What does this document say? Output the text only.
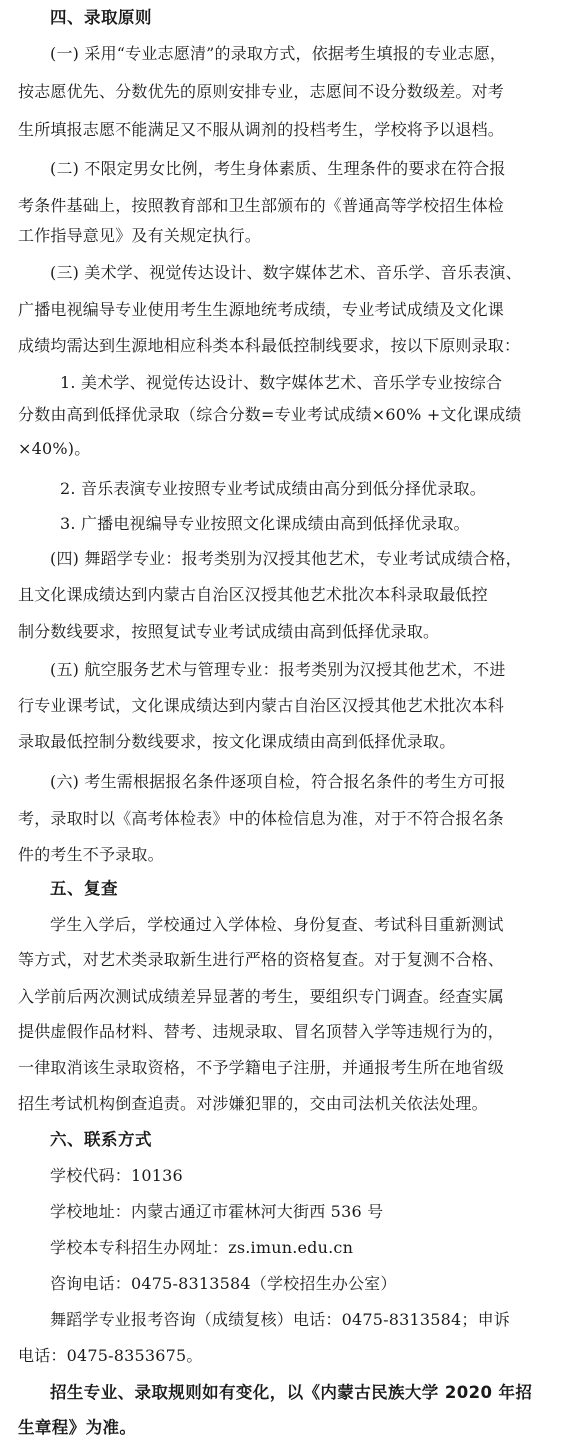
四、录取原则
(一) 采用“专业志愿清”的录取方式，依据考生填报的专业志愿，
按志愿优先、分数优先的原则安排专业，志愿间不设分数级差。对考
生所填报志愿不能满足又不服从调剂的投档考生，学校将予以退档。
(二) 不限定男女比例，考生身体素质、生理条件的要求在符合报
考条件基础上，按照教育部和卫生部颁布的《普通高等学校招生体检
工作指导意见》及有关规定执行。
(三) 美术学、视觉传达设计、数字媒体艺术、音乐学、音乐表演、
广播电视编导专业使用考生生源地统考成绩，专业考试成绩及文化课
成绩均需达到生源地相应科类本科最低控制线要求，按以下原则录取：
1. 美术学、视觉传达设计、数字媒体艺术、音乐学专业按综合
分数由高到低择优录取（综合分数=专业考试成绩×60% +文化课成绩
×40%)。
2. 音乐表演专业按照专业考试成绩由高分到低分择优录取。
3. 广播电视编导专业按照文化课成绩由高到低择优录取。
(四) 舞蹈学专业：报考类别为汉授其他艺术，专业考试成绩合格，
且文化课成绩达到内蒙古自治区汉授其他艺术批次本科录取最低控
制分数线要求，按照复试专业考试成绩由高到低择优录取。
(五) 航空服务艺术与管理专业：报考类别为汉授其他艺术，不进
行专业课考试，文化课成绩达到内蒙古自治区汉授其他艺术批次本科
录取最低控制分数线要求，按文化课成绩由高到低择优录取。
(六) 考生需根据报名条件逐项自检，符合报名条件的考生方可报
考，录取时以《高考体检表》中的体检信息为准，对于不符合报名条
件的考生不予录取。
五、复查
学生入学后，学校通过入学体检、身份复查、考试科目重新测试
等方式，对艺术类录取新生进行严格的资格复查。对于复测不合格、
入学前后两次测试成绩差异显著的考生，要组织专门调查。经查实属
提供虚假作品材料、替考、违规录取、冒名顶替入学等违规行为的，
一律取消该生录取资格，不予学籍电子注册，并通报考生所在地省级
招生考试机构倒查追责。对涉嫌犯罪的，交由司法机关依法处理。
六、联系方式
学校代码：10136
学校地址：内蒙古通辽市霍林河大街西 536 号
学校本专科招生办网址：zs.imun.edu.cn
咨询电话：0475-8313584（学校招生办公室）
舞蹈学专业报考咨询（成绩复核）电话：0475-8313584；申诉
电话：0475-8353675。
招生专业、录取规则如有变化，以《内蒙古民族大学 2020 年招
生章程》为准。
